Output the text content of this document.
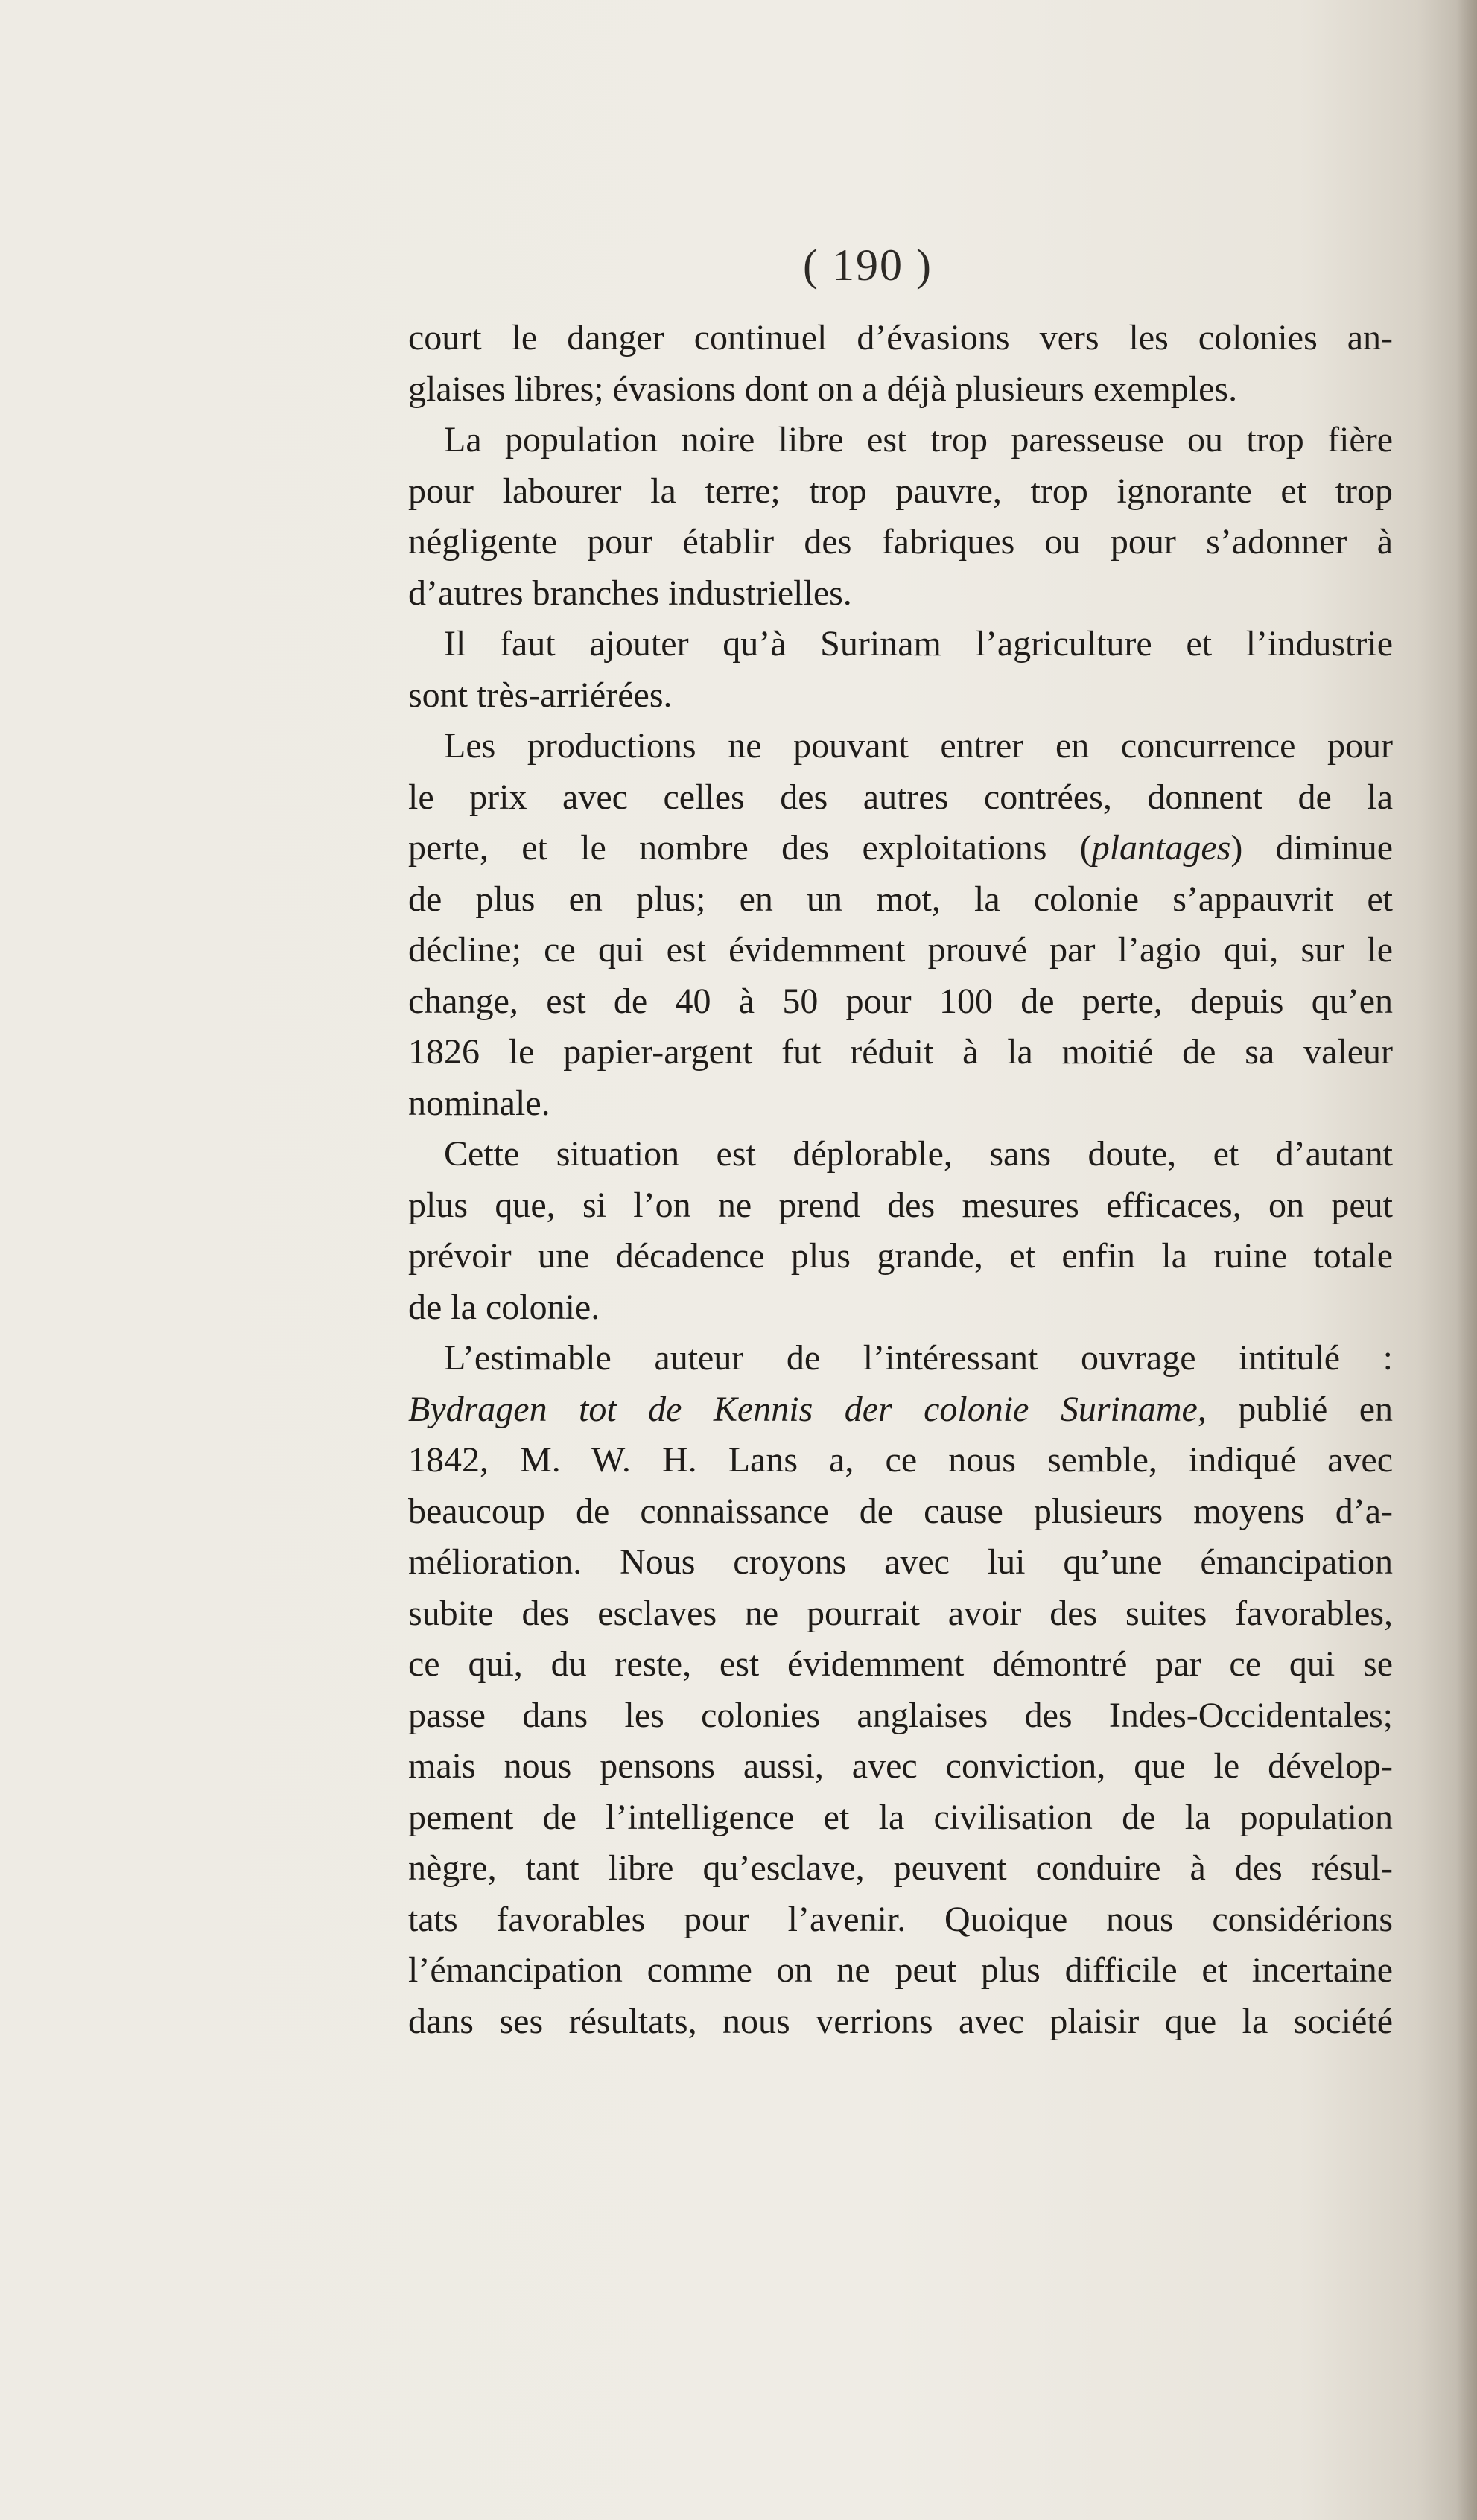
( 190 )

court le danger continuel d’évasions vers les colonies an-
glaises libres; évasions dont on a déjà plusieurs exemples.

La population noire libre est trop paresseuse ou trop fière
pour labourer la terre; trop pauvre, trop ignorante et trop
négligente pour établir des fabriques ou pour s’adonner à
d’autres branches industrielles.

Il faut ajouter qu’à Surinam l’agriculture et l’industrie
sont très-arriérées.

Les productions ne pouvant entrer en concurrence pour
le prix avec celles des autres contrées, donnent de la
perte, et le nombre des exploitations (plantages) diminue
de plus en plus; en un mot, la colonie s’appauvrit et
décline; ce qui est évidemment prouvé par l’agio qui, sur le
change, est de 40 à 50 pour 100 de perte, depuis qu’en
1826 le papier-argent fut réduit à la moitié de sa valeur
nominale.

Cette situation est déplorable, sans doute, et d’autant
plus que, si l’on ne prend des mesures efficaces, on peut
prévoir une décadence plus grande, et enfin la ruine totale
de la colonie.

L’estimable auteur de l’intéressant ouvrage intitulé :
Bydragen tot de Kennis der colonie Suriname, publié en
1842, M. W. H. Lans a, ce nous semble, indiqué avec
beaucoup de connaissance de cause plusieurs moyens d’a-
mélioration. Nous croyons avec lui qu’une émancipation
subite des esclaves ne pourrait avoir des suites favorables,
ce qui, du reste, est évidemment démontré par ce qui se
passe dans les colonies anglaises des Indes-Occidentales;
mais nous pensons aussi, avec conviction, que le dévelop-
pement de l’intelligence et la civilisation de la population
nègre, tant libre qu’esclave, peuvent conduire à des résul-
tats favorables pour l’avenir. Quoique nous considérions
l’émancipation comme on ne peut plus difficile et incertaine
dans ses résultats, nous verrions avec plaisir que la société
